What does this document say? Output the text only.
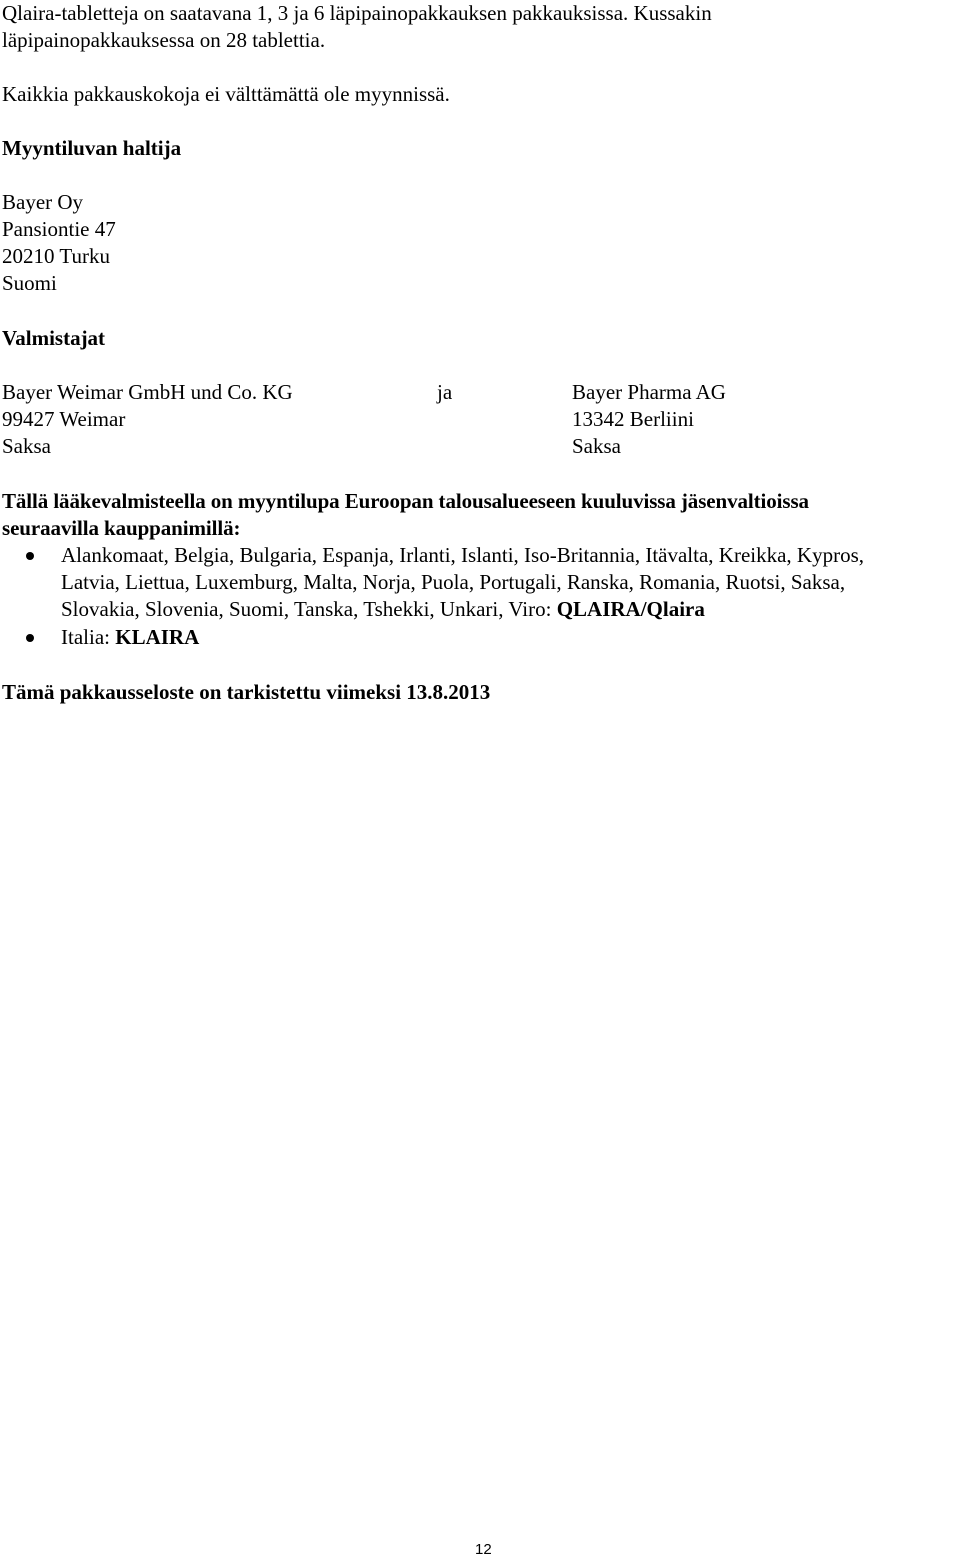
Qlaira-tabletteja on saatavana 1, 3 ja 6 läpipainopakkauksen pakkauksissa. Kussakin
läpipainopakkauksessa on 28 tablettia.
Kaikkia pakkauskokoja ei välttämättä ole myynnissä.
Myyntiluvan haltija
Bayer Oy
Pansiontie 47
20210 Turku
Suomi
Valmistajat
Bayer Weimar GmbH und Co. KG
99427 Weimar
Saksa
ja	Bayer Pharma AG
13342 Berliini
Saksa
Tällä lääkevalmisteella on myyntilupa Euroopan talousalueeseen kuuluvissa jäsenvaltioissa
seuraavilla kauppanimillä:
Alankomaat, Belgia, Bulgaria, Espanja, Irlanti, Islanti, Iso-Britannia, Itävalta, Kreikka, Kypros,
Latvia, Liettua, Luxemburg, Malta, Norja, Puola, Portugali, Ranska, Romania, Ruotsi, Saksa,
Slovakia, Slovenia, Suomi, Tanska, Tshekki, Unkari, Viro: QLAIRA/Qlaira
Italia: KLAIRA
Tämä pakkausseloste on tarkistettu viimeksi 13.8.2013
12
